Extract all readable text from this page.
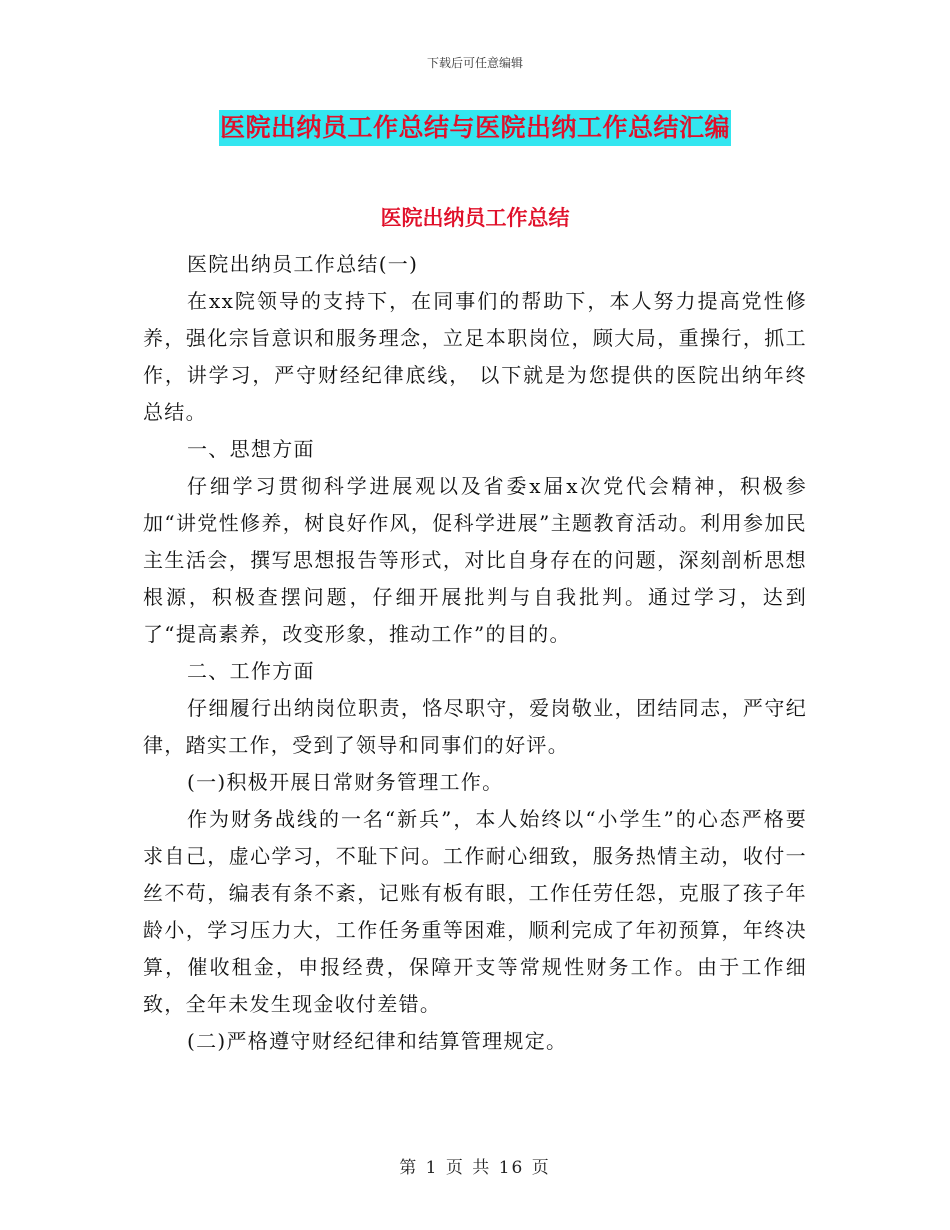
下载后可任意编辑
医院出纳员工作总结与医院出纳工作总结汇编
医院出纳员工作总结

医院出纳员工作总结(一)

在xx院领导的支持下，在同事们的帮助下，本人努力提高党性修养，强化宗旨意识和服务理念，立足本职岗位，顾大局，重操行，抓工作，讲学习，严守财经纪律底线， 以下就是为您提供的医院出纳年终总结。

一、思想方面

仔细学习贯彻科学进展观以及省委x届x次党代会精神，积极参加“讲党性修养，树良好作风，促科学进展”主题教育活动。利用参加民主生活会，撰写思想报告等形式，对比自身存在的问题，深刻剖析思想根源，积极查摆问题，仔细开展批判与自我批判。通过学习，达到了“提高素养，改变形象，推动工作”的目的。

二、工作方面

仔细履行出纳岗位职责，恪尽职守，爱岗敬业，团结同志，严守纪律，踏实工作，受到了领导和同事们的好评。

(一)积极开展日常财务管理工作。

作为财务战线的一名“新兵”，本人始终以“小学生”的心态严格要求自己，虚心学习，不耻下问。工作耐心细致，服务热情主动，收付一丝不苟，编表有条不紊，记账有板有眼，工作任劳任怨，克服了孩子年龄小，学习压力大，工作任务重等困难，顺利完成了年初预算，年终决算，催收租金，申报经费，保障开支等常规性财务工作。由于工作细致，全年未发生现金收付差错。

(二)严格遵守财经纪律和结算管理规定。

第 1 页 共 16 页
